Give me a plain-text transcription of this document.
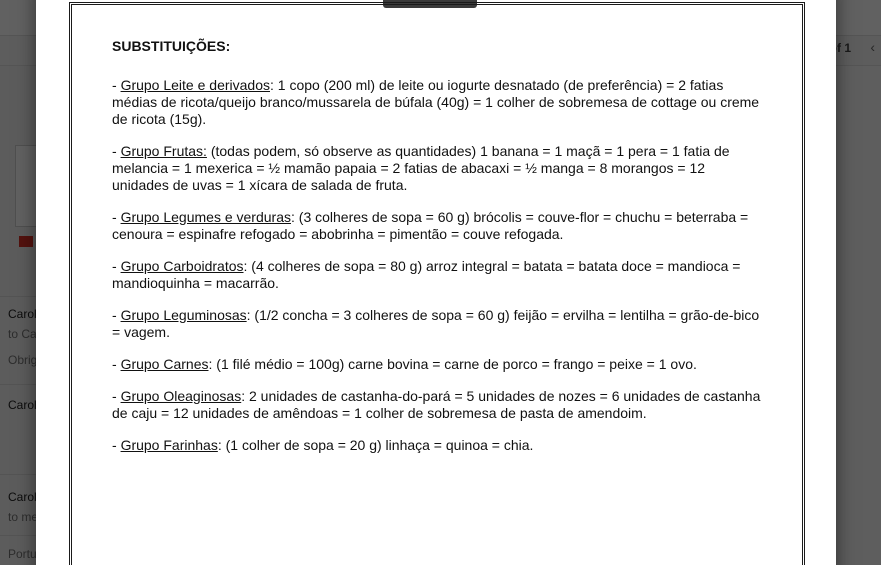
SUBSTITUIÇÕES:

- Grupo Leite e derivados: 1 copo (200 ml) de leite ou iogurte desnatado (de preferência) = 2 fatias médias de ricota/queijo branco/mussarela de búfala (40g) = 1 colher de sobremesa de cottage ou creme de ricota (15g).

- Grupo Frutas: (todas podem, só observe as quantidades) 1 banana = 1 maçã = 1 pera = 1 fatia de melancia = 1 mexerica = ½ mamão papaia = 2 fatias de abacaxi = ½ manga = 8 morangos = 12 unidades de uvas = 1 xícara de salada de fruta.

- Grupo Legumes e verduras: (3 colheres de sopa = 60 g) brócolis = couve-flor = chuchu = beterraba = cenoura = espinafre refogado = abobrinha = pimentão = couve refogada.

- Grupo Carboidratos: (4 colheres de sopa = 80 g) arroz integral = batata = batata doce = mandioca = mandioquinha = macarrão.

- Grupo Leguminosas: (1/2 concha = 3 colheres de sopa = 60 g) feijão = ervilha = lentilha = grão-de-bico = vagem.

- Grupo Carnes: (1 filé médio = 100g) carne bovina = carne de porco = frango = peixe = 1 ovo.

- Grupo Oleaginosas: 2 unidades de castanha-do-pará = 5 unidades de nozes = 6 unidades de castanha de caju = 12 unidades de amêndoas = 1 colher de sobremesa de pasta de amendoim.

- Grupo Farinhas: (1 colher de sopa = 20 g) linhaça = quinoa = chia.
